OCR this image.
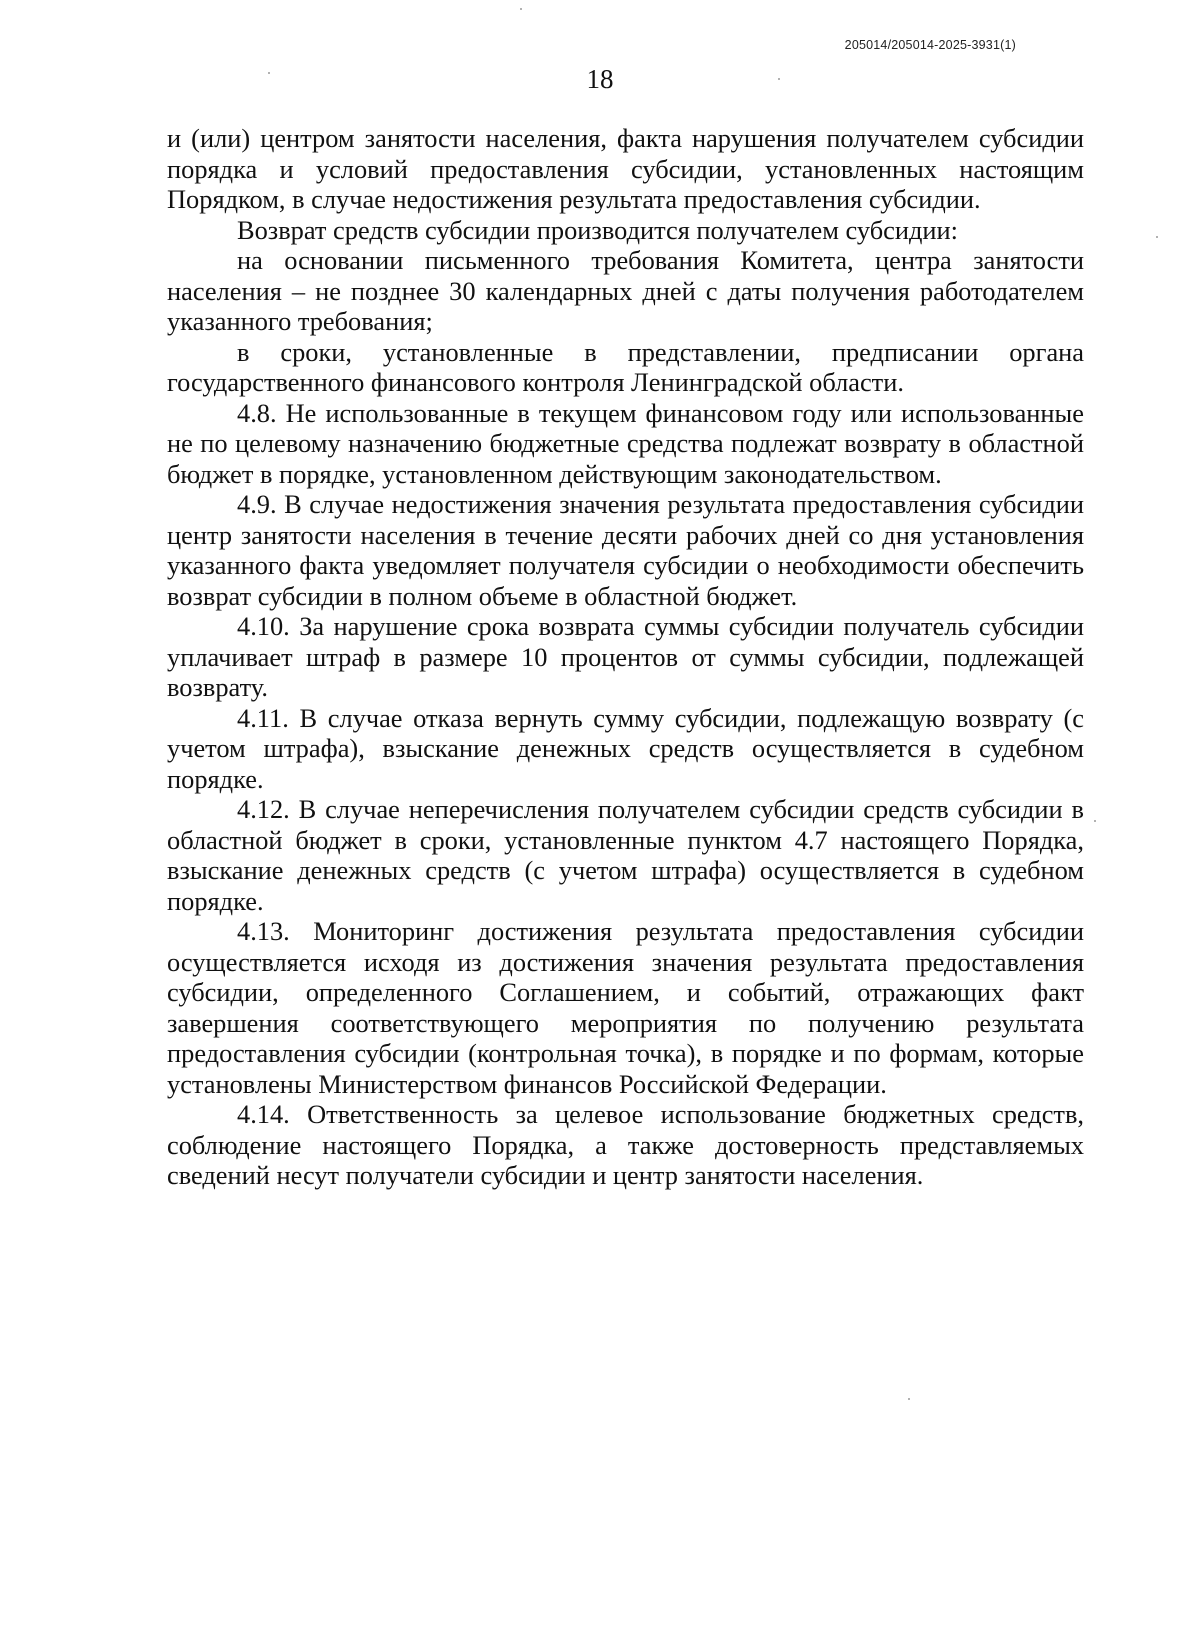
205014/205014-2025-3931(1)
18

и (или) центром занятости населения, факта нарушения получателем субсидии порядка и условий предоставления субсидии, установленных настоящим Порядком, в случае недостижения результата предоставления субсидии.

Возврат средств субсидии производится получателем субсидии:

на основании письменного требования Комитета, центра занятости населения – не позднее 30 календарных дней с даты получения работодателем указанного требования;

в сроки, установленные в представлении, предписании органа государственного финансового контроля Ленинградской области.

4.8. Не использованные в текущем финансовом году или использованные не по целевому назначению бюджетные средства подлежат возврату в областной бюджет в порядке, установленном действующим законодательством.

4.9. В случае недостижения значения результата предоставления субсидии центр занятости населения в течение десяти рабочих дней со дня установления указанного факта уведомляет получателя субсидии о необходимости обеспечить возврат субсидии в полном объеме в областной бюджет.

4.10. За нарушение срока возврата суммы субсидии получатель субсидии уплачивает штраф в размере 10 процентов от суммы субсидии, подлежащей возврату.

4.11. В случае отказа вернуть сумму субсидии, подлежащую возврату (с учетом штрафа), взыскание денежных средств осуществляется в судебном порядке.

4.12. В случае неперечисления получателем субсидии средств субсидии в областной бюджет в сроки, установленные пунктом 4.7 настоящего Порядка, взыскание денежных средств (с учетом штрафа) осуществляется в судебном порядке.

4.13. Мониторинг достижения результата предоставления субсидии осуществляется исходя из достижения значения результата предоставления субсидии, определенного Соглашением, и событий, отражающих факт завершения соответствующего мероприятия по получению результата предоставления субсидии (контрольная точка), в порядке и по формам, которые установлены Министерством финансов Российской Федерации.

4.14. Ответственность за целевое использование бюджетных средств, соблюдение настоящего Порядка, а также достоверность представляемых сведений несут получатели субсидии и центр занятости населения.
